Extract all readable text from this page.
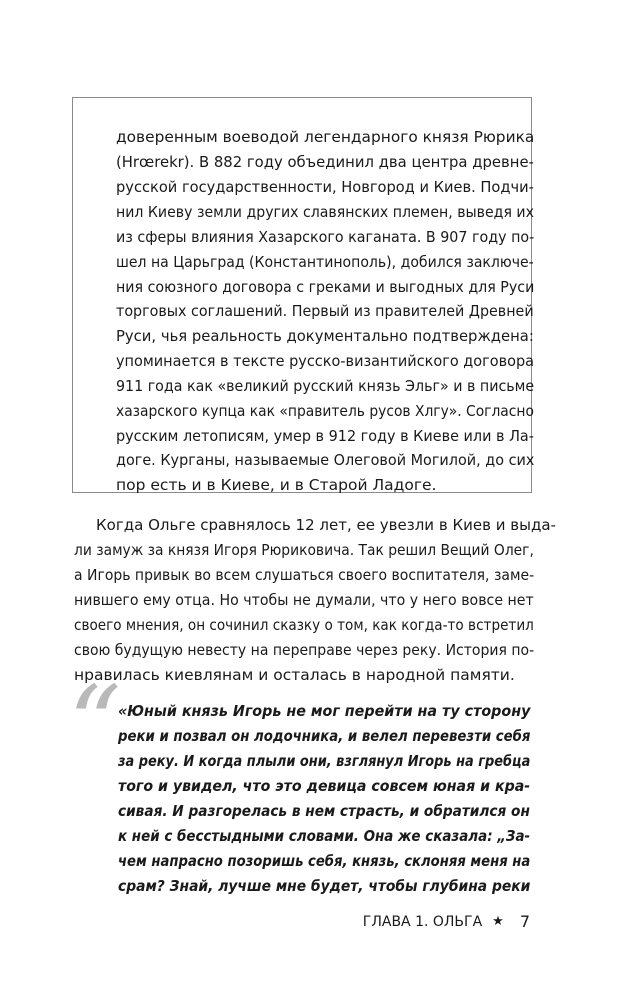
доверенным воеводой легендарного князя Рюрика
(Hrœrekr). В 882 году объединил два центра древне-
русской государственности, Новгород и Киев. Подчи-
нил Киеву земли других славянских племен, выведя их
из сферы влияния Хазарского каганата. В 907 году по-
шел на Царьград (Константинополь), добился заключе-
ния союзного договора с греками и выгодных для Руси
торговых соглашений. Первый из правителей Древней
Руси, чья реальность документально подтверждена:
упоминается в тексте русско-византийского договора
911 года как «великий русский князь Эльг» и в письме
хазарского купца как «правитель русов Хлгу». Согласно
русским летописям, умер в 912 году в Киеве или в Ла-
доге. Курганы, называемые Олеговой Могилой, до сих
пор есть и в Киеве, и в Старой Ладоге.
Когда Ольге сравнялось 12 лет, ее увезли в Киев и выда-
ли замуж за князя Игоря Рюриковича. Так решил Вещий Олег,
а Игорь привык во всем слушаться своего воспитателя, заме-
нившего ему отца. Но чтобы не думали, что у него вовсе нет
своего мнения, он сочинил сказку о том, как когда-то встретил
свою будущую невесту на переправе через реку. История по-
нравилась киевлянам и осталась в народной памяти.
“
«Юный князь Игорь не мог перейти на ту сторону
реки и позвал он лодочника, и велел перевезти себя
за реку. И когда плыли они, взглянул Игорь на гребца
того и увидел, что это девица совсем юная и кра-
сивая. И разгорелась в нем страсть, и обратился он
к ней с бесстыдными словами. Она же сказала: „За-
чем напрасно позоришь себя, князь, склоняя меня на
срам? Знай, лучше мне будет, чтобы глубина реки
ГЛАВА 1. ОЛЬГА ★ 7
